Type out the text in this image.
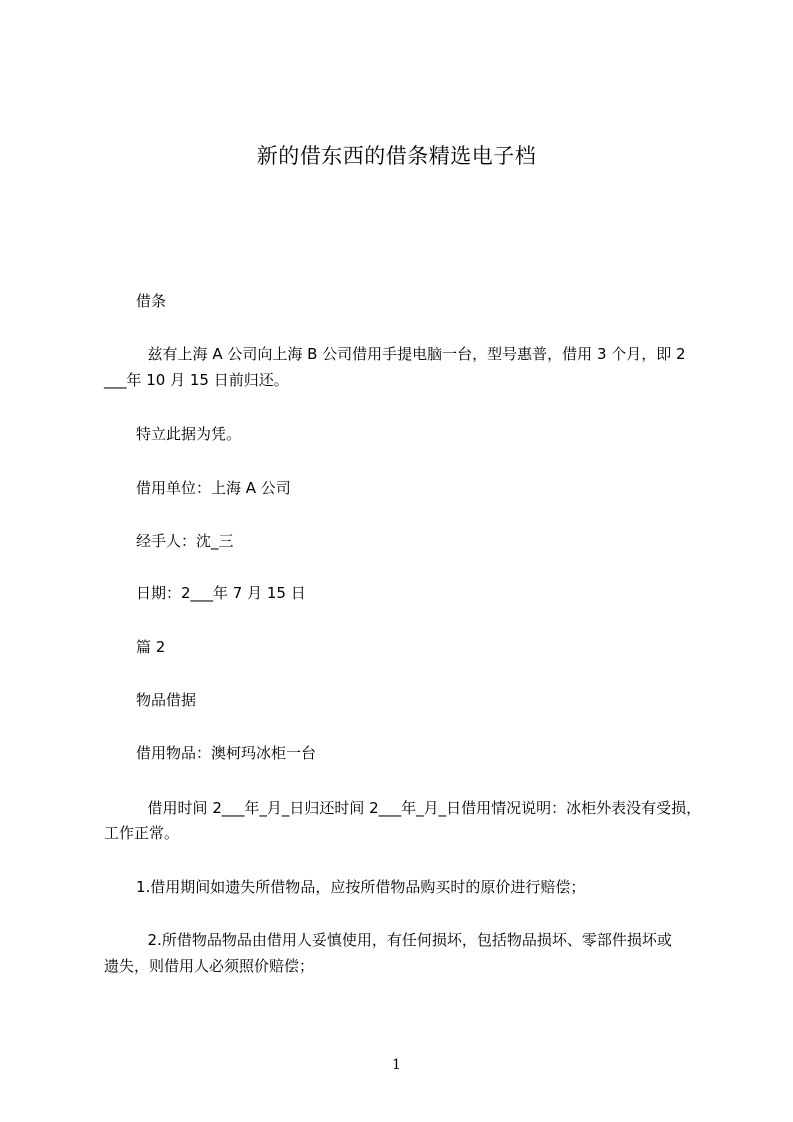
新的借东西的借条精选电子档
借条
兹有上海 A 公司向上海 B 公司借用手提电脑一台，型号惠普，借用 3 个月，即 2
___年 10 月 15 日前归还。
特立此据为凭。
借用单位：上海 A 公司
经手人：沈_三
日期：2___年 7 月 15 日
篇 2
物品借据
借用物品：澳柯玛冰柜一台
借用时间 2___年_月_日归还时间 2___年_月_日借用情况说明：冰柜外表没有受损，
工作正常。
1.借用期间如遗失所借物品，应按所借物品购买时的原价进行赔偿；
2.所借物品物品由借用人妥慎使用，有任何损坏，包括物品损坏、零部件损坏或
遗失，则借用人必须照价赔偿；
1
